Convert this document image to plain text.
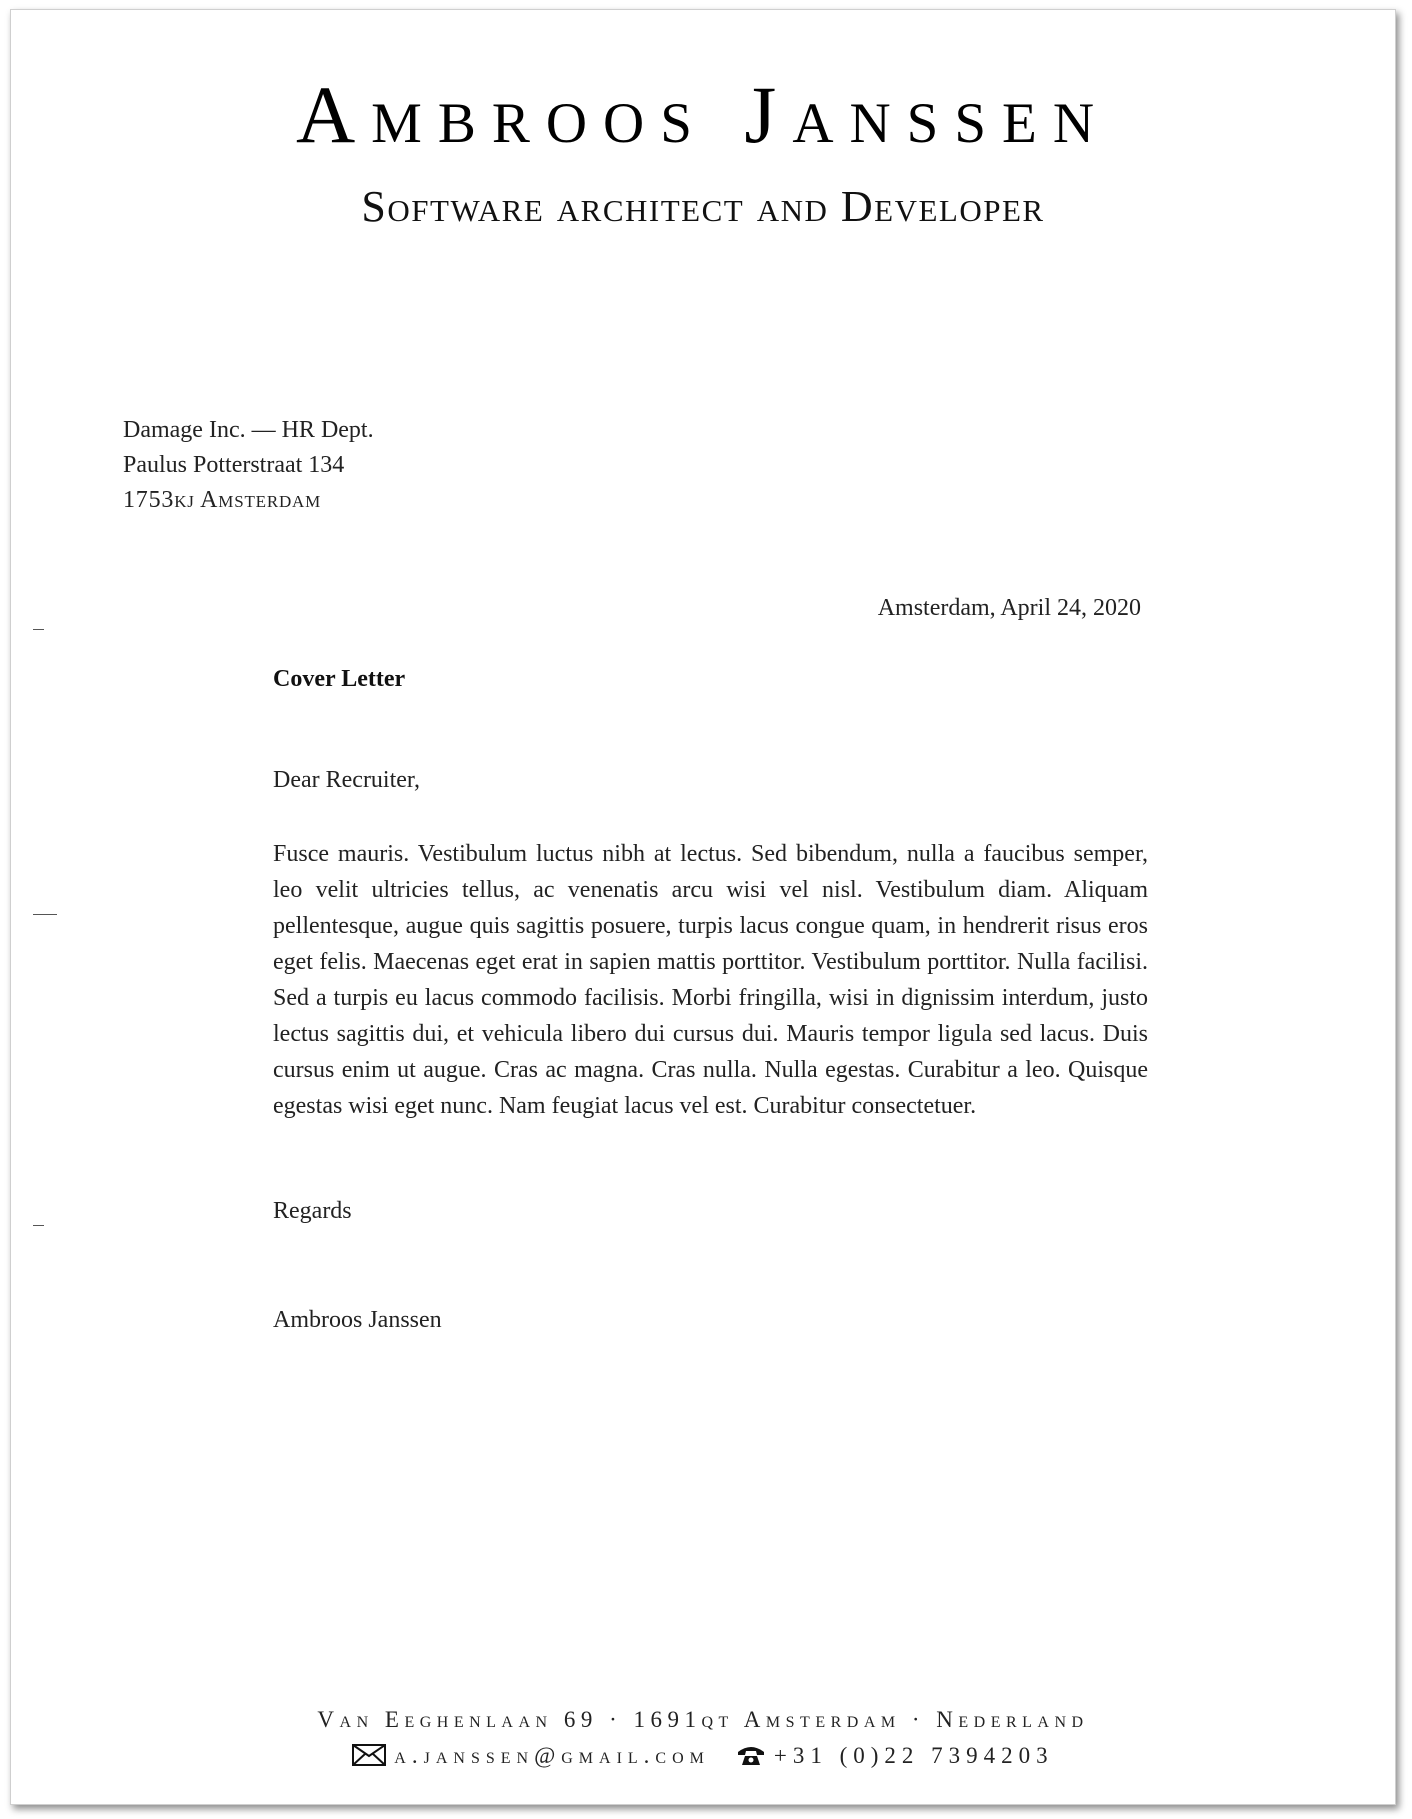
Ambroos Janssen
Software architect and Developer
Damage Inc. — HR Dept.
Paulus Potterstraat 134
1753kj Amsterdam
Amsterdam, April 24, 2020
Cover Letter
Dear Recruiter,
Fusce mauris. Vestibulum luctus nibh at lectus. Sed bibendum, nulla a faucibus semper, leo velit ultricies tellus, ac venenatis arcu wisi vel nisl. Vestibulum diam. Aliquam pellentesque, augue quis sagittis posuere, turpis lacus congue quam, in hendrerit risus eros eget felis. Maecenas eget erat in sapien mattis porttitor. Vestibulum porttitor. Nulla facilisi. Sed a turpis eu lacus commodo facilisis. Morbi fringilla, wisi in dignissim interdum, justo lectus sagittis dui, et vehicula libero dui cursus dui. Mauris tempor ligula sed lacus. Duis cursus enim ut augue. Cras ac magna. Cras nulla. Nulla egestas. Curabitur a leo. Quisque egestas wisi eget nunc. Nam feugiat lacus vel est. Curabitur consectetuer.
Regards
Ambroos Janssen
Van Eeghenlaan 69 · 1691qt Amsterdam · Nederland
a.janssen@gmail.com	+31 (0)22 7394203
